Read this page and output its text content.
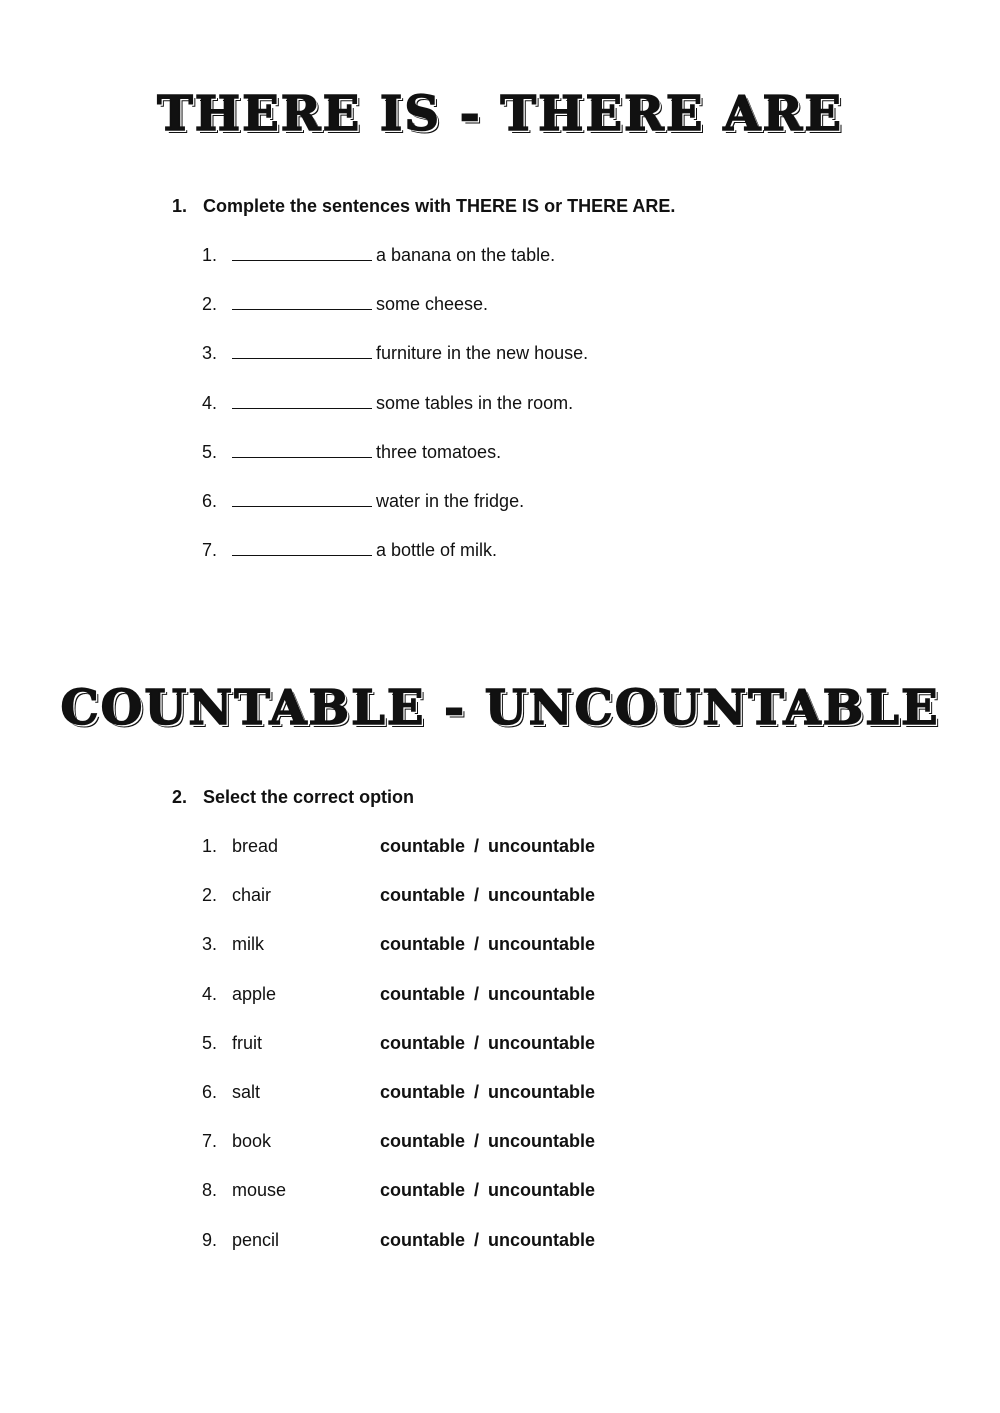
THERE IS - THERE ARE
1. Complete the sentences with THERE IS or THERE ARE.
1.	a banana on the table.
2.	some cheese.
3.	furniture in the new house.
4.	some tables in the room.
5.	three tomatoes.
6.	water in the fridge.
7.	a bottle of milk.
COUNTABLE - UNCOUNTABLE
2. Select the correct option
1. bread	countable / uncountable
2. chair	countable / uncountable
3. milk	countable / uncountable
4. apple	countable / uncountable
5. fruit	countable / uncountable
6. salt	countable / uncountable
7. book	countable / uncountable
8. mouse	countable / uncountable
9. pencil	countable / uncountable
